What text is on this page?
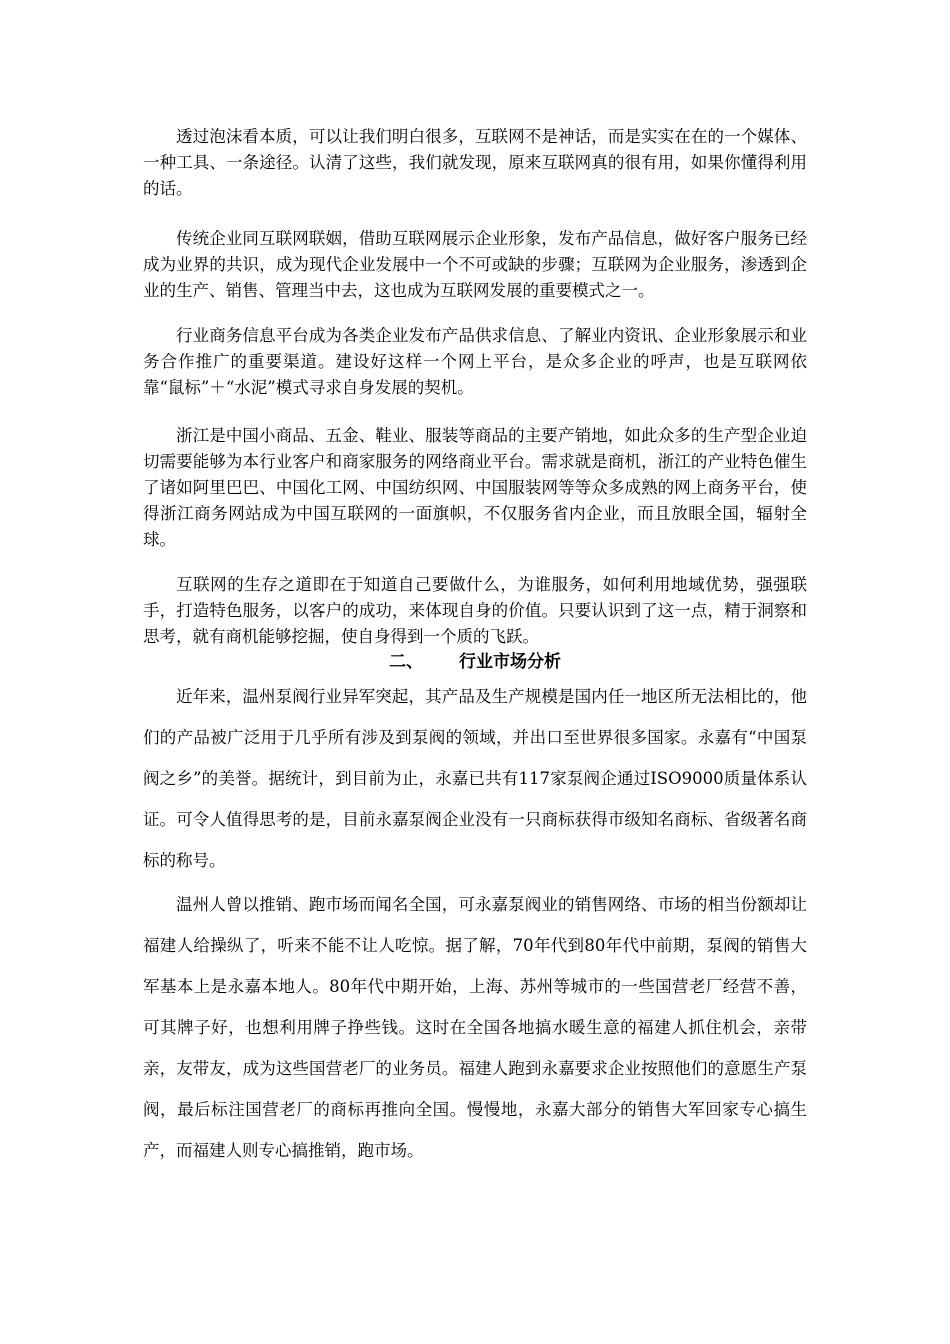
透过泡沫看本质，可以让我们明白很多，互联网不是神话，而是实实在在的一个媒体、一种工具、一条途径。认清了这些，我们就发现，原来互联网真的很有用，如果你懂得利用的话。

传统企业同互联网联姻，借助互联网展示企业形象，发布产品信息，做好客户服务已经成为业界的共识，成为现代企业发展中一个不可或缺的步骤；互联网为企业服务，渗透到企业的生产、销售、管理当中去，这也成为互联网发展的重要模式之一。

行业商务信息平台成为各类企业发布产品供求信息、了解业内资讯、企业形象展示和业务合作推广的重要渠道。建设好这样一个网上平台，是众多企业的呼声，也是互联网依靠“鼠标”＋“水泥”模式寻求自身发展的契机。

浙江是中国小商品、五金、鞋业、服装等商品的主要产销地，如此众多的生产型企业迫切需要能够为本行业客户和商家服务的网络商业平台。需求就是商机，浙江的产业特色催生了诸如阿里巴巴、中国化工网、中国纺织网、中国服装网等等众多成熟的网上商务平台，使得浙江商务网站成为中国互联网的一面旗帜，不仅服务省内企业，而且放眼全国，辐射全球。

互联网的生存之道即在于知道自己要做什么，为谁服务，如何利用地域优势，强强联手，打造特色服务，以客户的成功，来体现自身的价值。只要认识到了这一点，精于洞察和思考，就有商机能够挖掘，使自身得到一个质的飞跃。

二、 行业市场分析

近年来，温州泵阀行业异军突起，其产品及生产规模是国内任一地区所无法相比的，他们的产品被广泛用于几乎所有涉及到泵阀的领域，并出口至世界很多国家。永嘉有“中国泵阀之乡”的美誉。据统计，到目前为止，永嘉已共有117家泵阀企通过ISO9000质量体系认证。可令人值得思考的是，目前永嘉泵阀企业没有一只商标获得市级知名商标、省级著名商标的称号。

温州人曾以推销、跑市场而闻名全国，可永嘉泵阀业的销售网络、市场的相当份额却让福建人给操纵了，听来不能不让人吃惊。据了解，70年代到80年代中前期，泵阀的销售大军基本上是永嘉本地人。80年代中期开始，上海、苏州等城市的一些国营老厂经营不善，可其牌子好，也想利用牌子挣些钱。这时在全国各地搞水暖生意的福建人抓住机会，亲带亲，友带友，成为这些国营老厂的业务员。福建人跑到永嘉要求企业按照他们的意愿生产泵阀，最后标注国营老厂的商标再推向全国。慢慢地，永嘉大部分的销售大军回家专心搞生产，而福建人则专心搞推销，跑市场。
